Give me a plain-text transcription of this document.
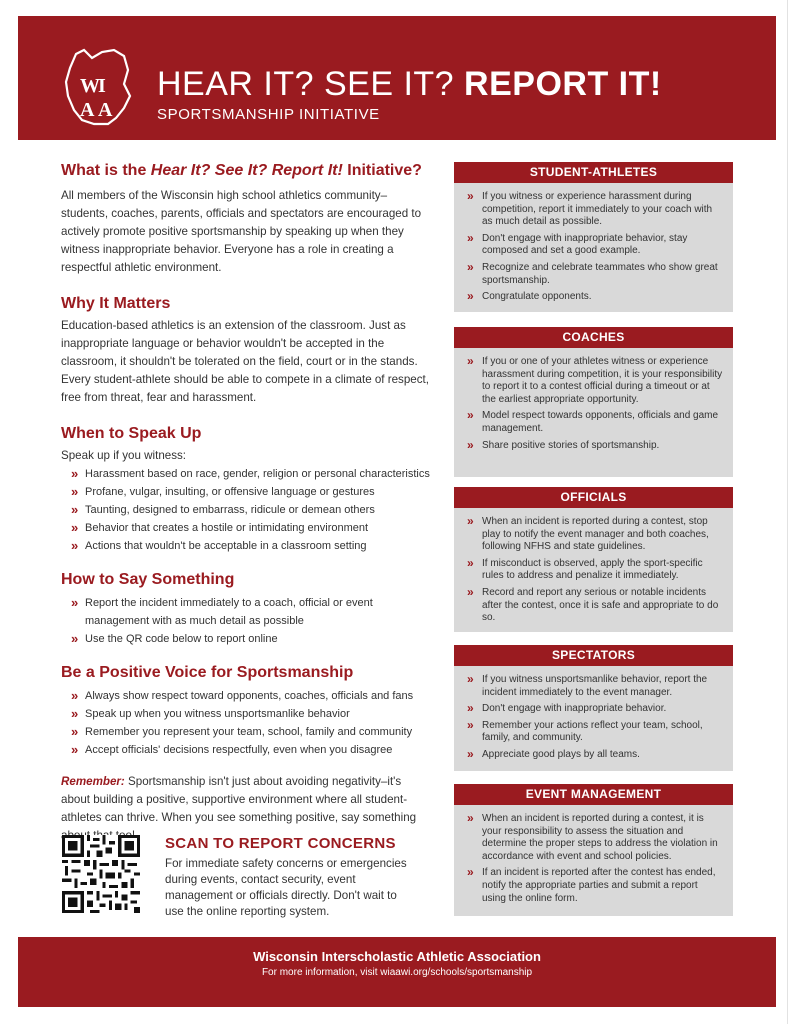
W
I
A A
HEAR IT? SEE IT? REPORT IT!
SPORTSMANSHIP INITIATIVE
What is the Hear It? See It? Report It! Initiative?
All members of the Wisconsin high school athletics community–students, coaches, parents, officials and spectators are encouraged to actively promote positive sportsmanship by speaking up when they witness inappropriate behavior. Everyone has a role in creating a respectful athletic environment.
Why It Matters
Education-based athletics is an extension of the classroom. Just as inappropriate language or behavior wouldn't be accepted in the classroom, it shouldn't be tolerated on the field, court or in the stands. Every student-athlete should be able to compete in a climate of respect, free from threat, fear and harassment.
When to Speak Up
Speak up if you witness:
» Harassment based on race, gender, religion or personal characteristics
» Profane, vulgar, insulting, or offensive language or gestures
» Taunting, designed to embarrass, ridicule or demean others
» Behavior that creates a hostile or intimidating environment
» Actions that wouldn't be acceptable in a classroom setting
How to Say Something
» Report the incident immediately to a coach, official or event management with as much detail as possible
» Use the QR code below to report online
Be a Positive Voice for Sportsmanship
» Always show respect toward opponents, coaches, officials and fans
» Speak up when you witness unsportsmanlike behavior
» Remember you represent your team, school, family and community
» Accept officials' decisions respectfully, even when you disagree
Remember: Sportsmanship isn't just about avoiding negativity–it's about building a positive, supportive environment where all student-athletes can thrive. When you see something positive, say something
SCAN TO REPORT CONCERNS
For immediate safety concerns or emergencies during events, contact security, event management or officials directly. Don't wait to use the online reporting system.
STUDENT-ATHLETES
» If you witness or experience harassment during competition, report it immediately to your coach with as much detail as possible.
» Don't engage with inappropriate behavior, stay composed and set a good example.
» Recognize and celebrate teammates who show great sportsmanship.
» Congratulate opponents.
COACHES
» If you or one of your athletes witness or experience harassment during competition, it is your responsibility to report it to a contest official during a timeout or at the earliest appropriate opportunity.
» Model respect towards opponents, officials and game management.
» Share positive stories of sportsmanship.
OFFICIALS
» When an incident is reported during a contest, stop play to notify the event manager and both coaches, following NFHS and state guidelines.
» If misconduct is observed, apply the sport-specific rules to address and penalize it immediately.
» Record and report any serious or notable incidents after the contest, once it is safe and appropriate to do so.
SPECTATORS
» If you witness unsportsmanlike behavior, report the incident immediately to the event manager.
» Don't engage with inappropriate behavior.
» Remember your actions reflect your team, school, family, and community.
» Appreciate good plays by all teams.
EVENT MANAGEMENT
» When an incident is reported during a contest, it is your responsibility to assess the situation and determine the proper steps to address the violation in accordance with event and school policies.
» If an incident is reported after the contest has ended, notify the appropriate parties and submit a report using the online form.
Wisconsin Interscholastic Athletic Association
For more information, visit wiaawi.org/schools/sportsmanship
